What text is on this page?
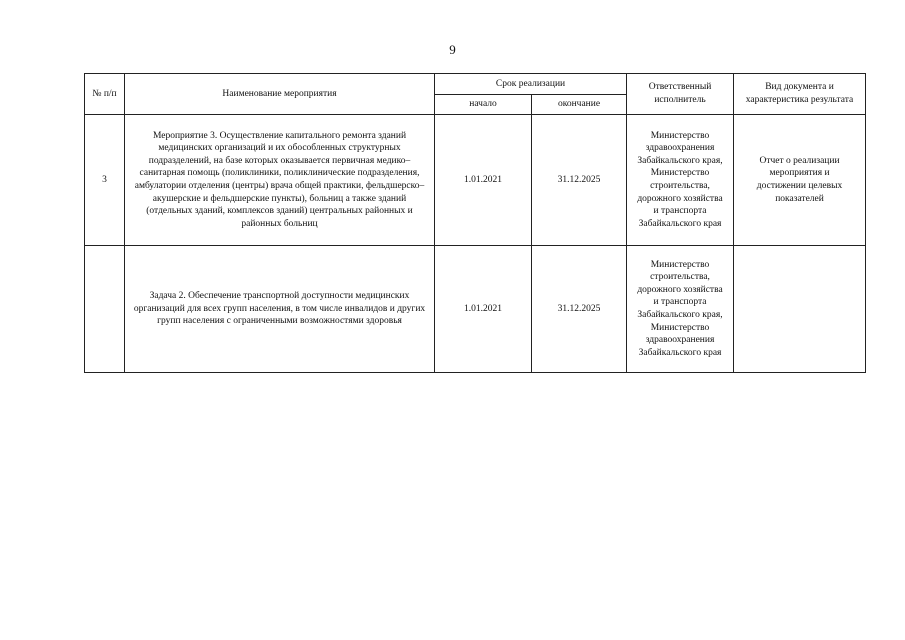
9
№ п/п	Наименование мероприятия	Срок реализации		Ответственный исполнитель	Вид документа и характеристика результата
		начало	окончание		
3	Мероприятие 3. Осуществление капитального ремонта зданий медицинских организаций и их обособленных структурных подразделений, на базе которых оказывается первичная медико–санитарная помощь (поликлиники, поликлинические подразделения, амбулатории отделения (центры) врача общей практики, фельдшерско–акушерские и фельдшерские пункты), больниц а также зданий (отдельных зданий, комплексов зданий) центральных районных и районных больниц	1.01.2021	31.12.2025	Министерство здравоохранения Забайкальского края, Министерство строительства, дорожного хозяйства и транспорта Забайкальского края	Отчет о реализации мероприятия и достижении целевых показателей

	Задача 2. Обеспечение транспортной доступности медицинских организаций для всех групп населения, в том числе инвалидов и других групп населения с ограниченными возможностями здоровья	1.01.2021	31.12.2025	Министерство строительства, дорожного хозяйства и транспорта Забайкальского края, Министерство здравоохранения Забайкальского края	
